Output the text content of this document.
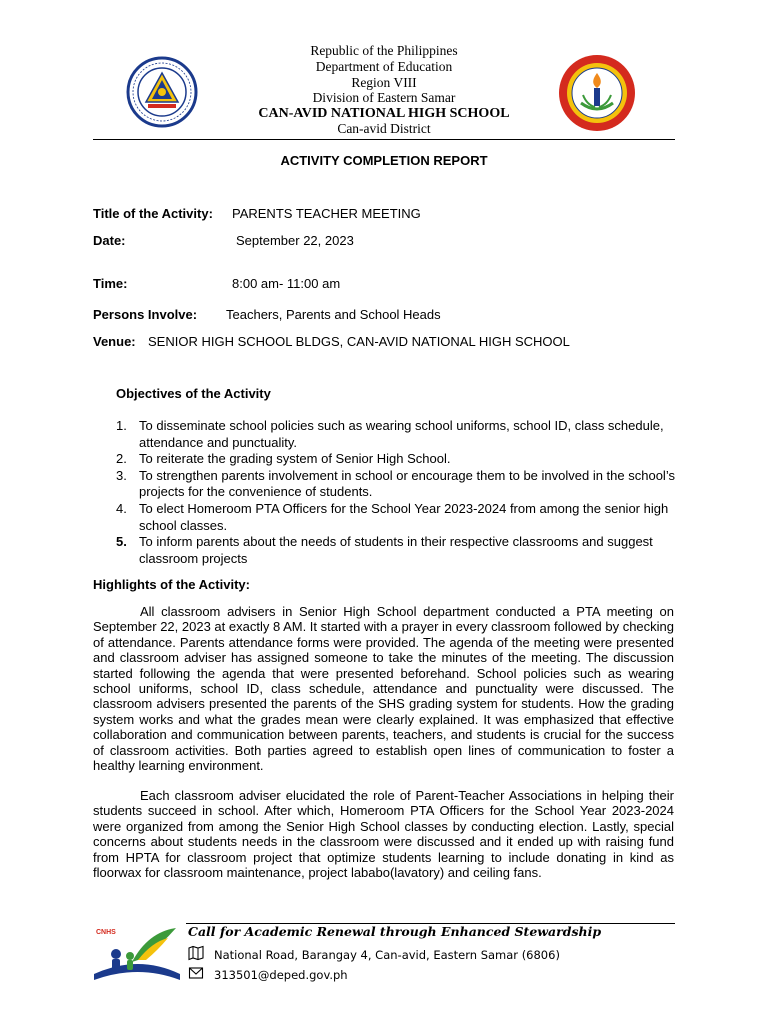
Republic of the Philippines
Department of Education
Region VIII
Division of Eastern Samar
CAN-AVID NATIONAL HIGH SCHOOL
Can-avid District
ACTIVITY COMPLETION REPORT
Title of the Activity: PARENTS TEACHER MEETING
Date:	September 22, 2023
Time:	8:00 am- 11:00 am
Persons Involve: Teachers, Parents and School Heads
Venue: SENIOR HIGH SCHOOL BLDGS, CAN-AVID NATIONAL HIGH SCHOOL
Objectives of the Activity
1. To disseminate school policies such as wearing school uniforms, school ID, class schedule, attendance and punctuality.
2. To reiterate the grading system of Senior High School.
3. To strengthen parents involvement in school or encourage them to be involved in the school’s projects for the convenience of students.
4. To elect Homeroom PTA Officers for the School Year 2023-2024 from among the senior high school classes.
5. To inform parents about the needs of students in their respective classrooms and suggest classroom projects
Highlights of the Activity:

All classroom advisers in Senior High School department conducted a PTA meeting on September 22, 2023 at exactly 8 AM. It started with a prayer in every classroom followed by checking of attendance. Parents attendance forms were provided. The agenda of the meeting were presented and classroom adviser has assigned someone to take the minutes of the meeting. The discussion started following the agenda that were presented beforehand. School policies such as wearing school uniforms, school ID, class schedule, attendance and punctuality were discussed. The classroom advisers presented the parents of the SHS grading system for students. How the grading system works and what the grades mean were clearly explained. It was emphasized that effective collaboration and communication between parents, teachers, and students is crucial for the success of classroom activities. Both parties agreed to establish open lines of communication to foster a healthy learning environment.

Each classroom adviser elucidated the role of Parent-Teacher Associations in helping their students succeed in school. After which, Homeroom PTA Officers for the School Year 2023-2024 were organized from among the Senior High School classes by conducting election. Lastly, special concerns about students needs in the classroom were discussed and it ended up with raising fund from HPTA for classroom project that optimize students learning to include donating in kind as floorwax for classroom maintenance, project lababo(lavatory) and ceiling fans.

CNHS	Call for Academic Renewal through Enhanced Stewardship
National Road, Barangay 4, Can-avid, Eastern Samar (6806)
313501@deped.gov.ph
